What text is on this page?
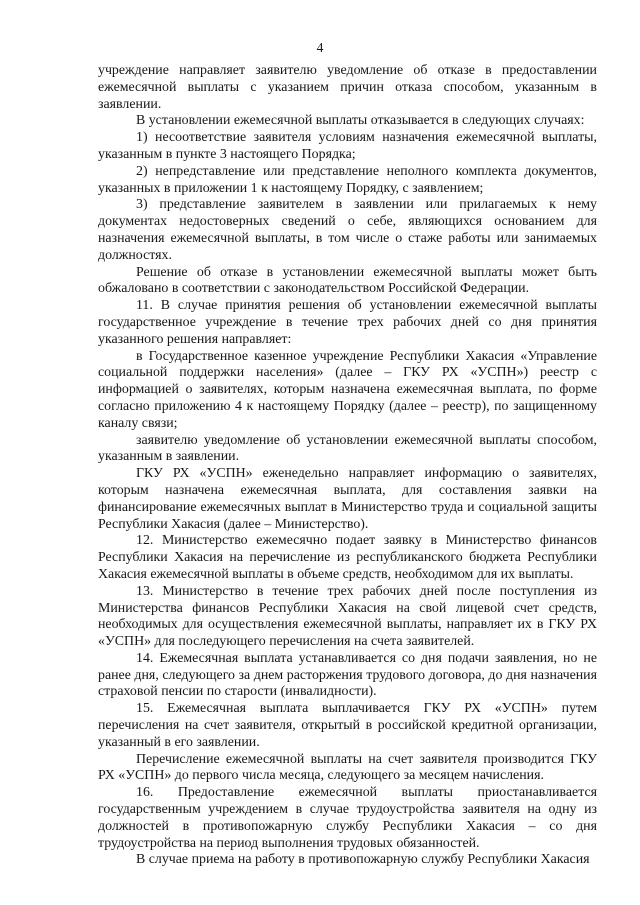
4

учреждение направляет заявителю уведомление об отказе в предоставлении ежемесячной выплаты с указанием причин отказа способом, указанным в заявлении.

В установлении ежемесячной выплаты отказывается в следующих случаях:

1) несоответствие заявителя условиям назначения ежемесячной выплаты, указанным в пункте 3 настоящего Порядка;

2) непредставление или представление неполного комплекта документов, указанных в приложении 1 к настоящему Порядку, с заявлением;

3) представление заявителем в заявлении или прилагаемых к нему документах недостоверных сведений о себе, являющихся основанием для назначения ежемесячной выплаты, в том числе о стаже работы или занимаемых должностях.

Решение об отказе в установлении ежемесячной выплаты может быть обжаловано в соответствии с законодательством Российской Федерации.

11. В случае принятия решения об установлении ежемесячной выплаты государственное учреждение в течение трех рабочих дней со дня принятия указанного решения направляет:

в Государственное казенное учреждение Республики Хакасия «Управление социальной поддержки населения» (далее – ГКУ РХ «УСПН») реестр с информацией о заявителях, которым назначена ежемесячная выплата, по форме согласно приложению 4 к настоящему Порядку (далее – реестр), по защищенному каналу связи;

заявителю уведомление об установлении ежемесячной выплаты способом, указанным в заявлении.

ГКУ РХ «УСПН» еженедельно направляет информацию о заявителях, которым назначена ежемесячная выплата, для составления заявки на финансирование ежемесячных выплат в Министерство труда и социальной защиты Республики Хакасия (далее – Министерство).

12. Министерство ежемесячно подает заявку в Министерство финансов Республики Хакасия на перечисление из республиканского бюджета Республики Хакасия ежемесячной выплаты в объеме средств, необходимом для их выплаты.

13. Министерство в течение трех рабочих дней после поступления из Министерства финансов Республики Хакасия на свой лицевой счет средств, необходимых для осуществления ежемесячной выплаты, направляет их в ГКУ РХ «УСПН» для последующего перечисления на счета заявителей.

14. Ежемесячная выплата устанавливается со дня подачи заявления, но не ранее дня, следующего за днем расторжения трудового договора, до дня назначения страховой пенсии по старости (инвалидности).

15. Ежемесячная выплата выплачивается ГКУ РХ «УСПН» путем перечисления на счет заявителя, открытый в российской кредитной организации, указанный в его заявлении.

Перечисление ежемесячной выплаты на счет заявителя производится ГКУ РХ «УСПН» до первого числа месяца, следующего за месяцем начисления.

16. Предоставление ежемесячной выплаты приостанавливается государственным учреждением в случае трудоустройства заявителя на одну из должностей в противопожарную службу Республики Хакасия – со дня трудоустройства на период выполнения трудовых обязанностей.

В случае приема на работу в противопожарную службу Республики Хакасия
